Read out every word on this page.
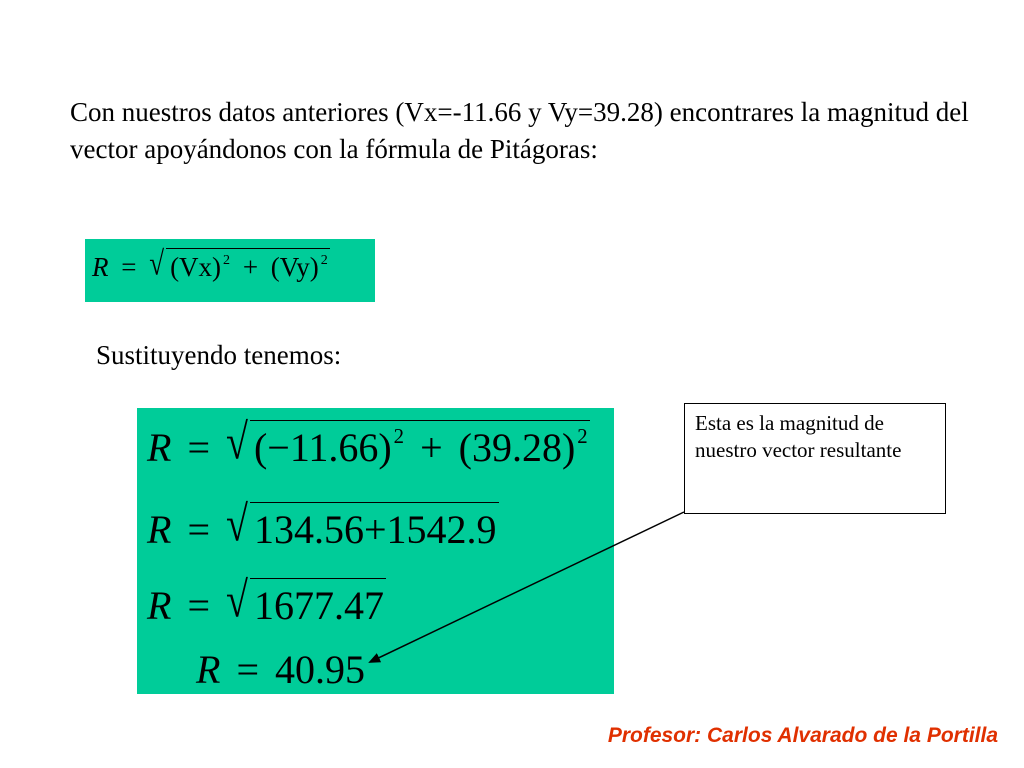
Con nuestros datos anteriores (Vx=-11.66 y Vy=39.28) encontrares la magnitud del vector apoyándonos con la fórmula de Pitágoras:

R = √ (Vx) $^2$ + (Vy) $^2$

Sustituyendo tenemos:

R = √ $(-11.66)^2 + (39.28)^2$
R = √ 134.56+1542.9
R = √ 1677.47
R = 40.95
Esta es la magnitud de nuestro vector resultante
Profesor: Carlos Alvarado de la Portilla
